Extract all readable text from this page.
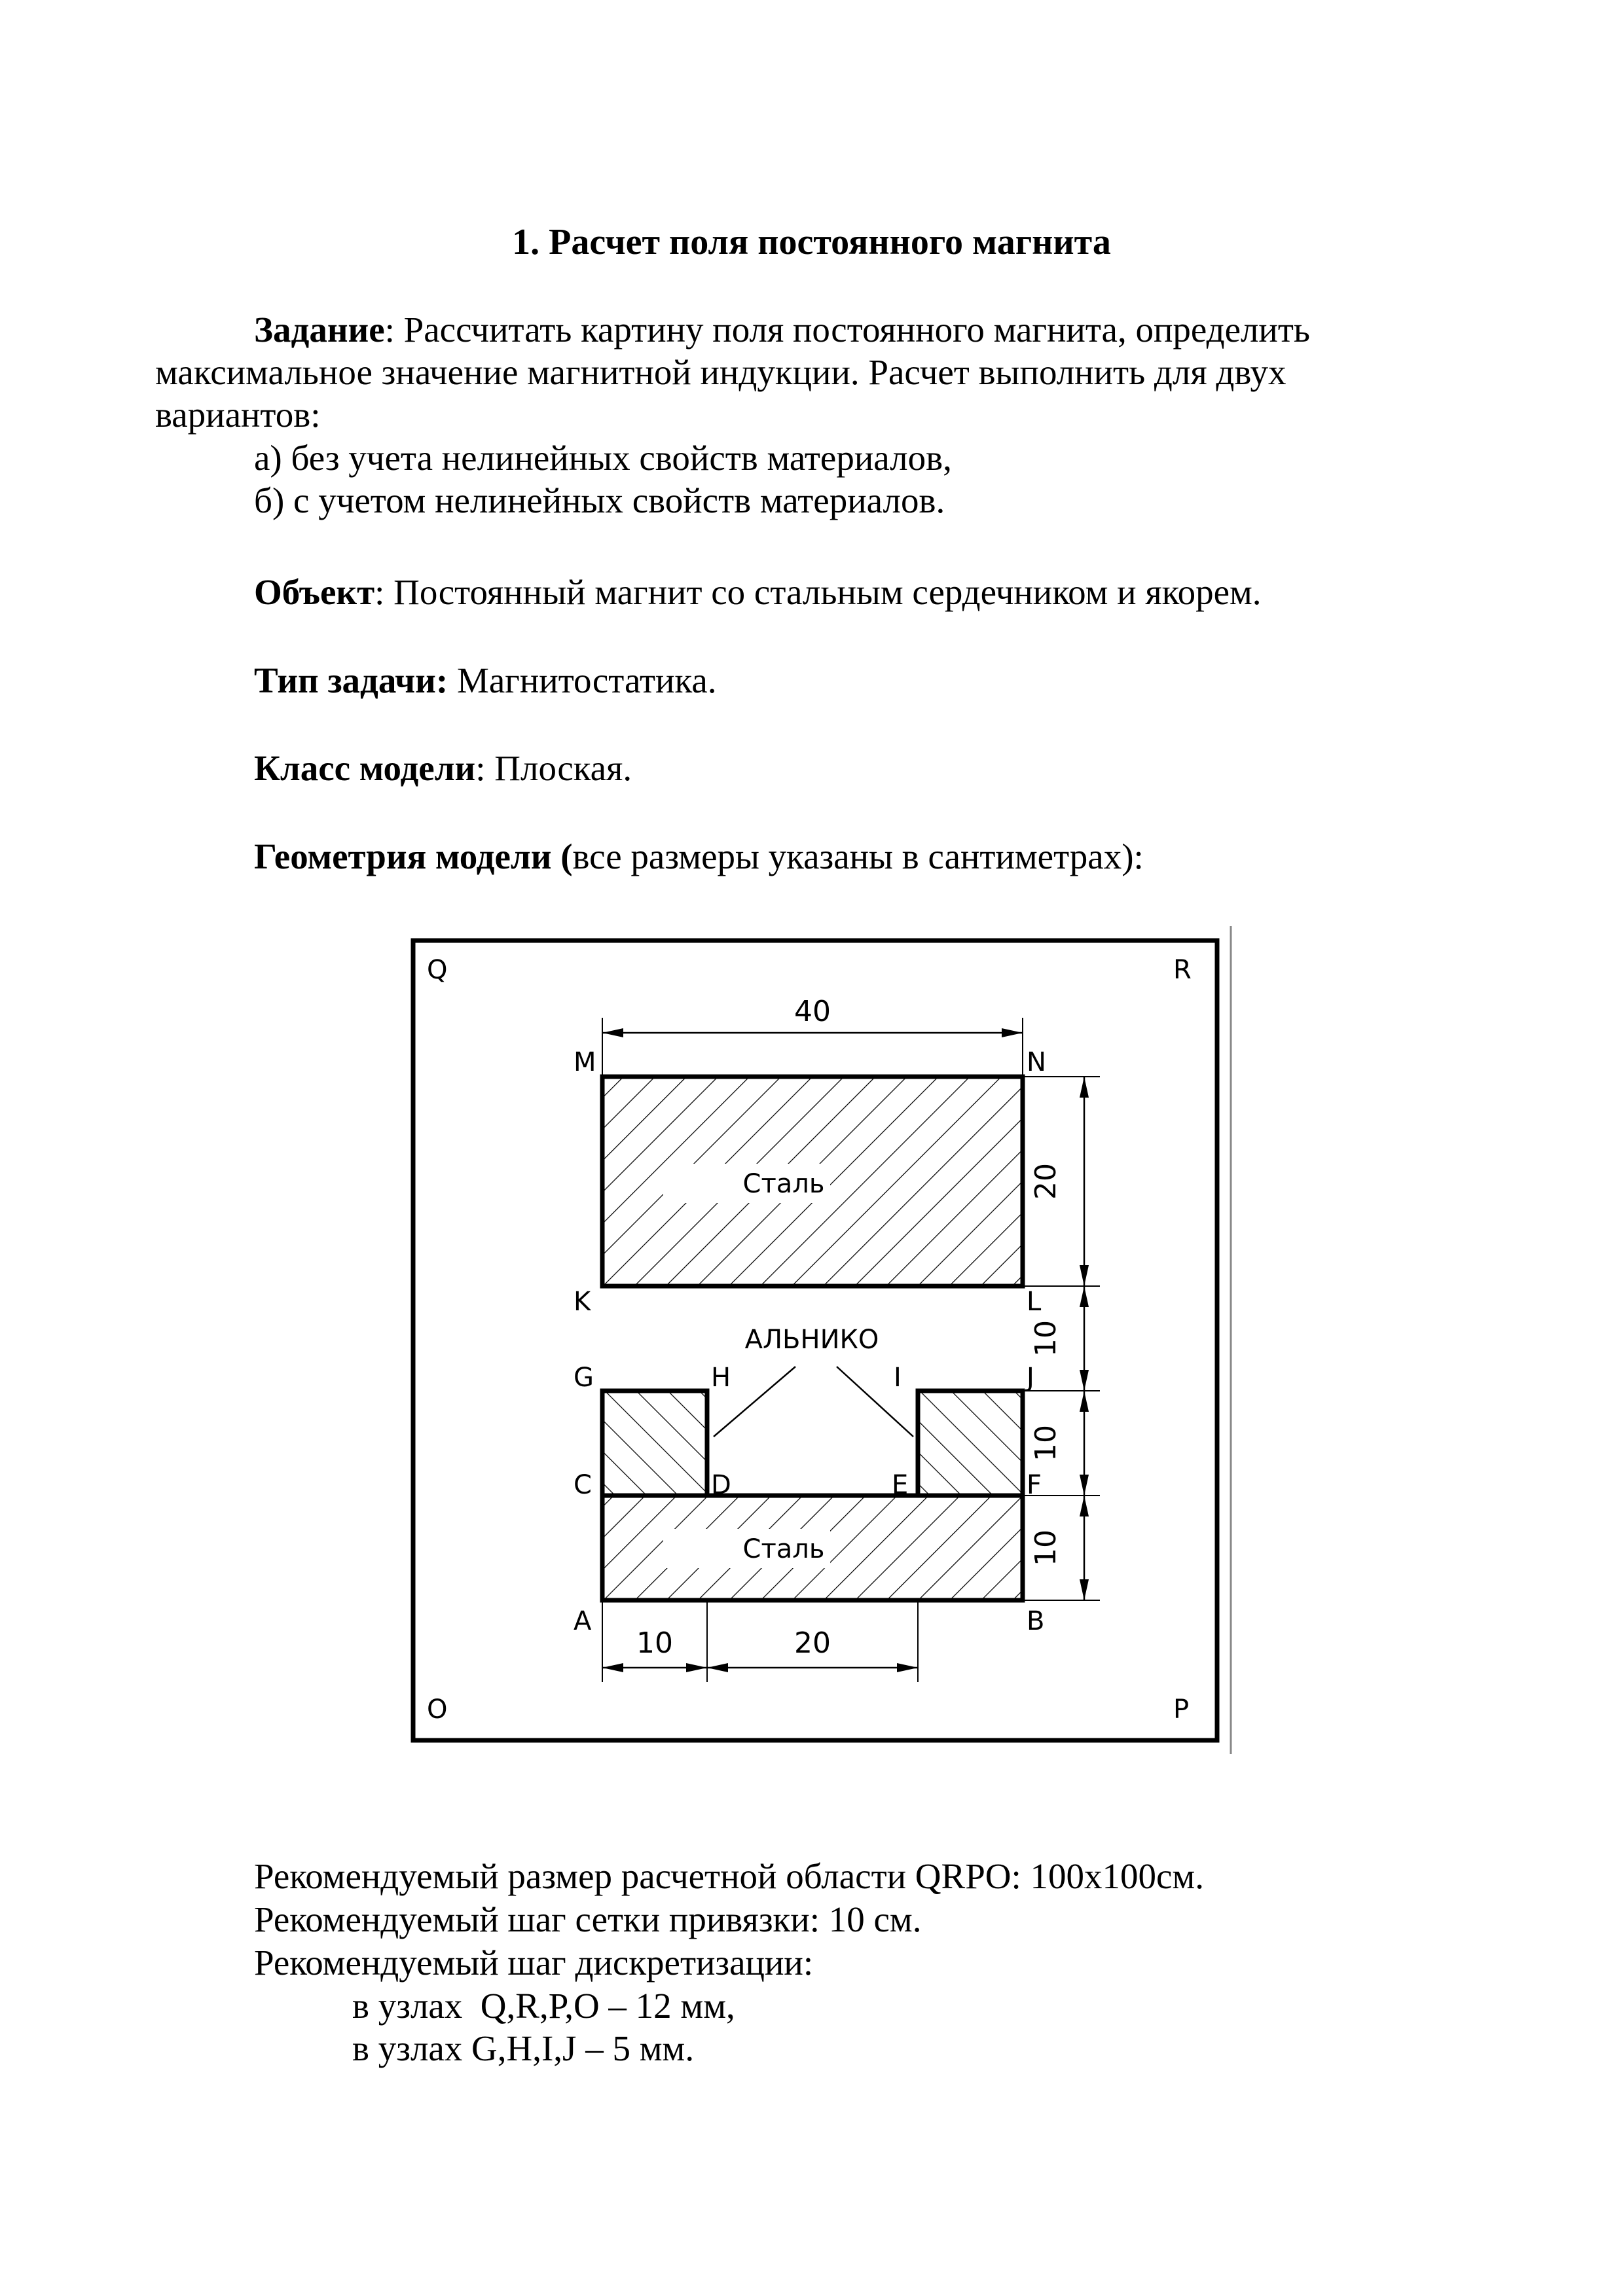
1. Расчет поля постоянного магнита
Задание: Рассчитать картину поля постоянного магнита, определить
максимальное значение магнитной индукции. Расчет выполнить для двух
вариантов:
а) без учета нелинейных свойств материалов,
б) с учетом нелинейных свойств материалов.
Объект: Постоянный магнит со стальным сердечником и якорем.
Тип задачи: Магнитостатика.
Класс модели: Плоская.
Геометрия модели (все размеры указаны в сантиметрах):
Q	R
O	P
M	N
K	L
G	H	I	J
C	D	E	F
A	B
Сталь
Сталь
АЛЬНИКО
40
20
10
10
10
10	20
Рекомендуемый размер расчетной области QRPO: 100x100см.
Рекомендуемый шаг сетки привязки: 10 см.
Рекомендуемый шаг дискретизации:
в узлах  Q,R,P,O – 12 мм,
в узлах G,H,I,J – 5 мм.
